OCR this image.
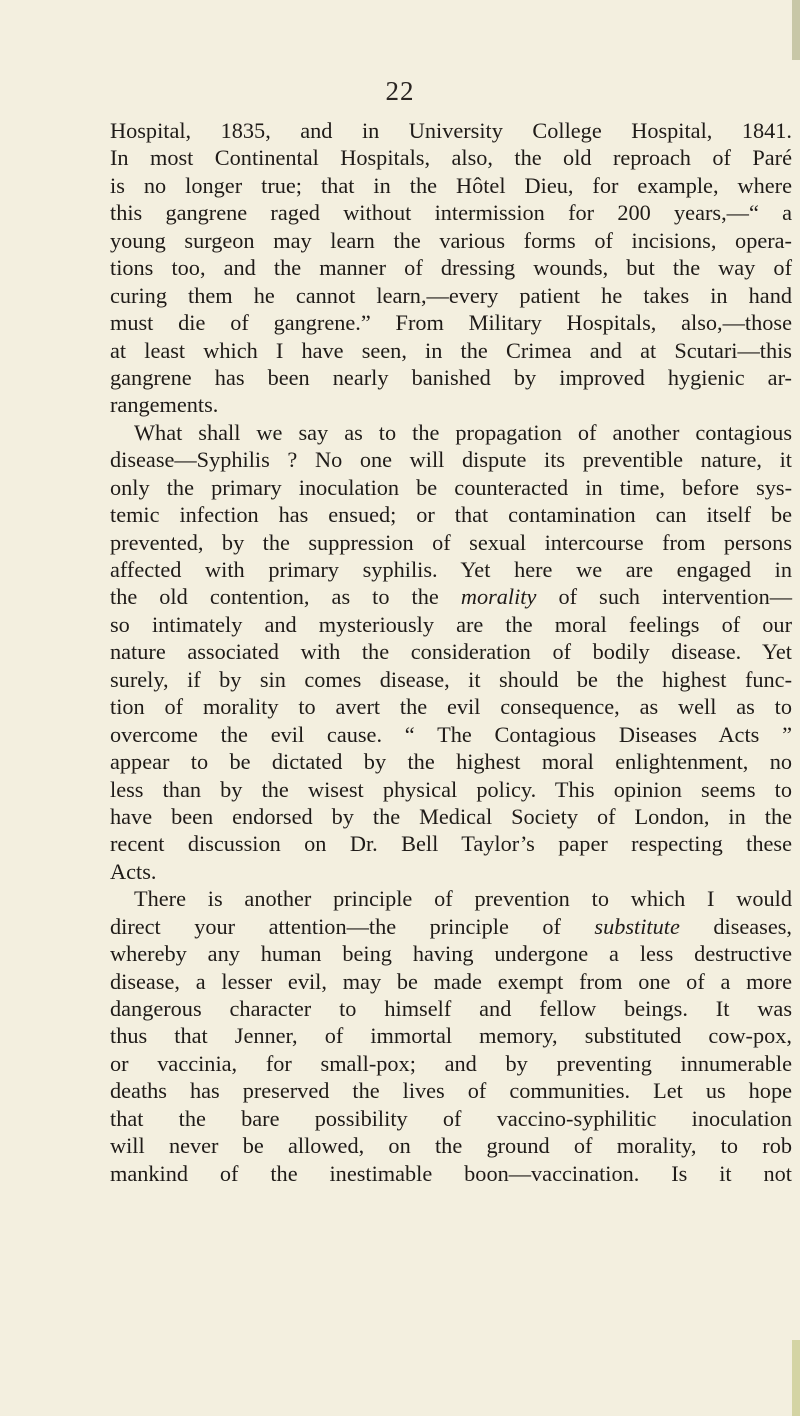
22
Hospital, 1835, and in University College Hospital, 1841.
In most Continental Hospitals, also, the old reproach of Paré
is no longer true; that in the Hôtel Dieu, for example, where
this gangrene raged without intermission for 200 years,—“ a
young surgeon may learn the various forms of incisions, opera-
tions too, and the manner of dressing wounds, but the way of
curing them he cannot learn,—every patient he takes in hand
must die of gangrene.” From Military Hospitals, also,—those
at least which I have seen, in the Crimea and at Scutari—this
gangrene has been nearly banished by improved hygienic ar-
rangements.
What shall we say as to the propagation of another contagious
disease—Syphilis ? No one will dispute its preventible nature, it
only the primary inoculation be counteracted in time, before sys-
temic infection has ensued; or that contamination can itself be
prevented, by the suppression of sexual intercourse from persons
affected with primary syphilis. Yet here we are engaged in
the old contention, as to the morality of such intervention—
so intimately and mysteriously are the moral feelings of our
nature associated with the consideration of bodily disease. Yet
surely, if by sin comes disease, it should be the highest func-
tion of morality to avert the evil consequence, as well as to
overcome the evil cause. “ The Contagious Diseases Acts ”
appear to be dictated by the highest moral enlightenment, no
less than by the wisest physical policy. This opinion seems to
have been endorsed by the Medical Society of London, in the
recent discussion on Dr. Bell Taylor’s paper respecting these
Acts.
There is another principle of prevention to which I would
direct your attention—the principle of substitute diseases,
whereby any human being having undergone a less destructive
disease, a lesser evil, may be made exempt from one of a more
dangerous character to himself and fellow beings. It was
thus that Jenner, of immortal memory, substituted cow-pox,
or vaccinia, for small-pox; and by preventing innumerable
deaths has preserved the lives of communities. Let us hope
that the bare possibility of vaccino-syphilitic inoculation
will never be allowed, on the ground of morality, to rob
mankind of the inestimable boon—vaccination. Is it not
